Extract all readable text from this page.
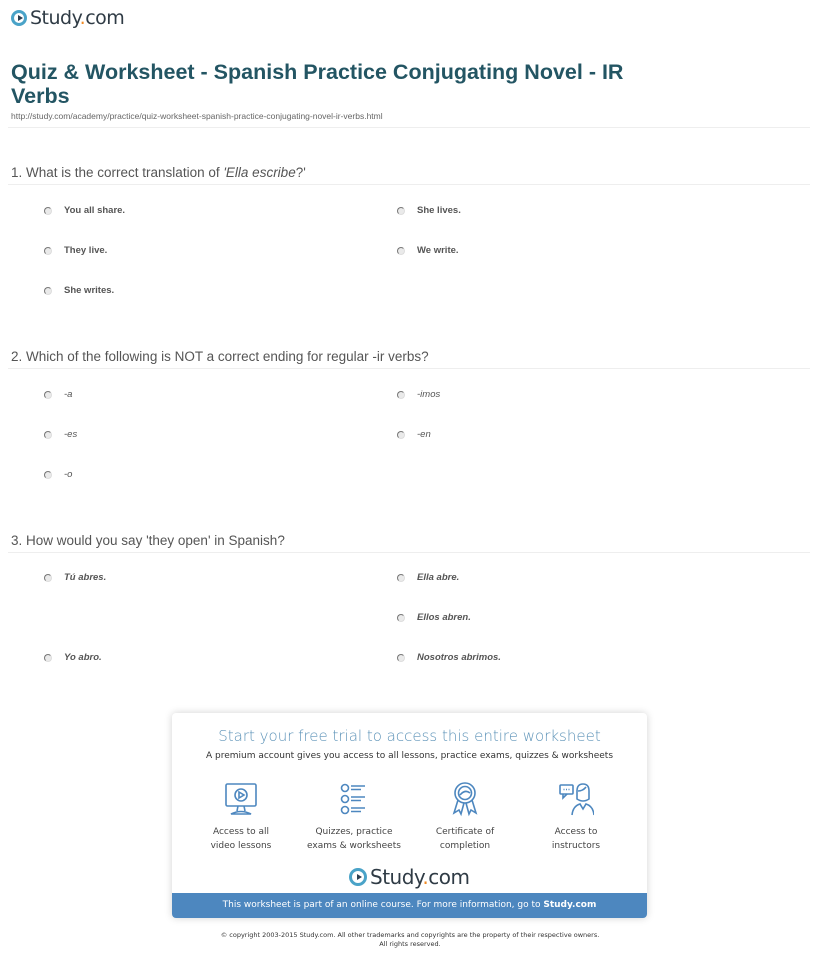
Study.com
Quiz & Worksheet - Spanish Practice Conjugating Novel - IR Verbs
http://study.com/academy/practice/quiz-worksheet-spanish-practice-conjugating-novel-ir-verbs.html
1. What is the correct translation of 'Ella escribe?'
You all share.	She lives.
They live.	We write.
She writes.
2. Which of the following is NOT a correct ending for regular -ir verbs?
-a	-imos
-es	-en
-o
3. How would you say 'they open' in Spanish?
Tú abres.	Ella abre.
Ellos abren.
Yo abro.	Nosotros abrimos.
Start your free trial to access this entire worksheet
A premium account gives you access to all lessons, practice exams, quizzes & worksheets
Access to all
video lessons
Quizzes, practice
exams & worksheets
Certificate of
completion
Access to
instructors
Study.com
This worksheet is part of an online course. For more information, go to Study.com
© copyright 2003-2015 Study.com. All other trademarks and copyrights are the property of their respective owners.
All rights reserved.
